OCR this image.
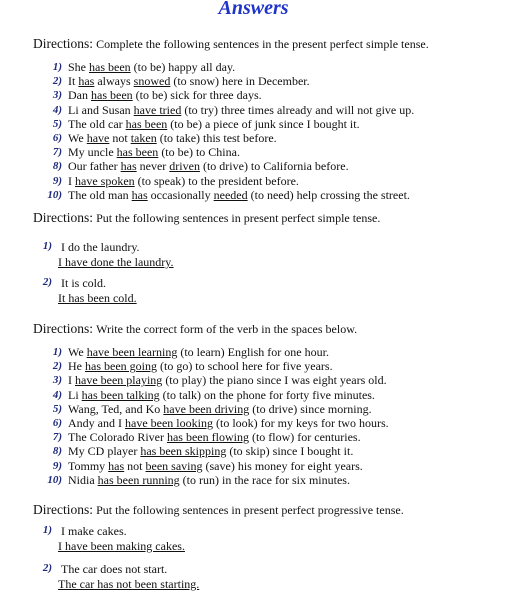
Answers
Directions: Complete the following sentences in the present perfect simple tense.
1) She has been (to be) happy all day.
2) It has always snowed (to snow) here in December.
3) Dan has been (to be) sick for three days.
4) Li and Susan have tried (to try) three times already and will not give up.
5) The old car has been (to be) a piece of junk since I bought it.
6) We have not taken (to take) this test before.
7) My uncle has been (to be) to China.
8) Our father has never driven (to drive) to California before.
9) I have spoken (to speak) to the president before.
10) The old man has occasionally needed (to need) help crossing the street.
Directions: Put the following sentences in present perfect simple tense.
1) I do the laundry.
I have done the laundry.
2) It is cold.
It has been cold.
Directions: Write the correct form of the verb in the spaces below.
1) We have been learning (to learn) English for one hour.
2) He has been going (to go) to school here for five years.
3) I have been playing (to play) the piano since I was eight years old.
4) Li has been talking (to talk) on the phone for forty five minutes.
5) Wang, Ted, and Ko have been driving (to drive) since morning.
6) Andy and I have been looking (to look) for my keys for two hours.
7) The Colorado River has been flowing (to flow) for centuries.
8) My CD player has been skipping (to skip) since I bought it.
9) Tommy has not been saving (save) his money for eight years.
10) Nidia has been running (to run) in the race for six minutes.
Directions: Put the following sentences in present perfect progressive tense.
1) I make cakes.
I have been making cakes.
2) The car does not start.
The car has not been starting.
